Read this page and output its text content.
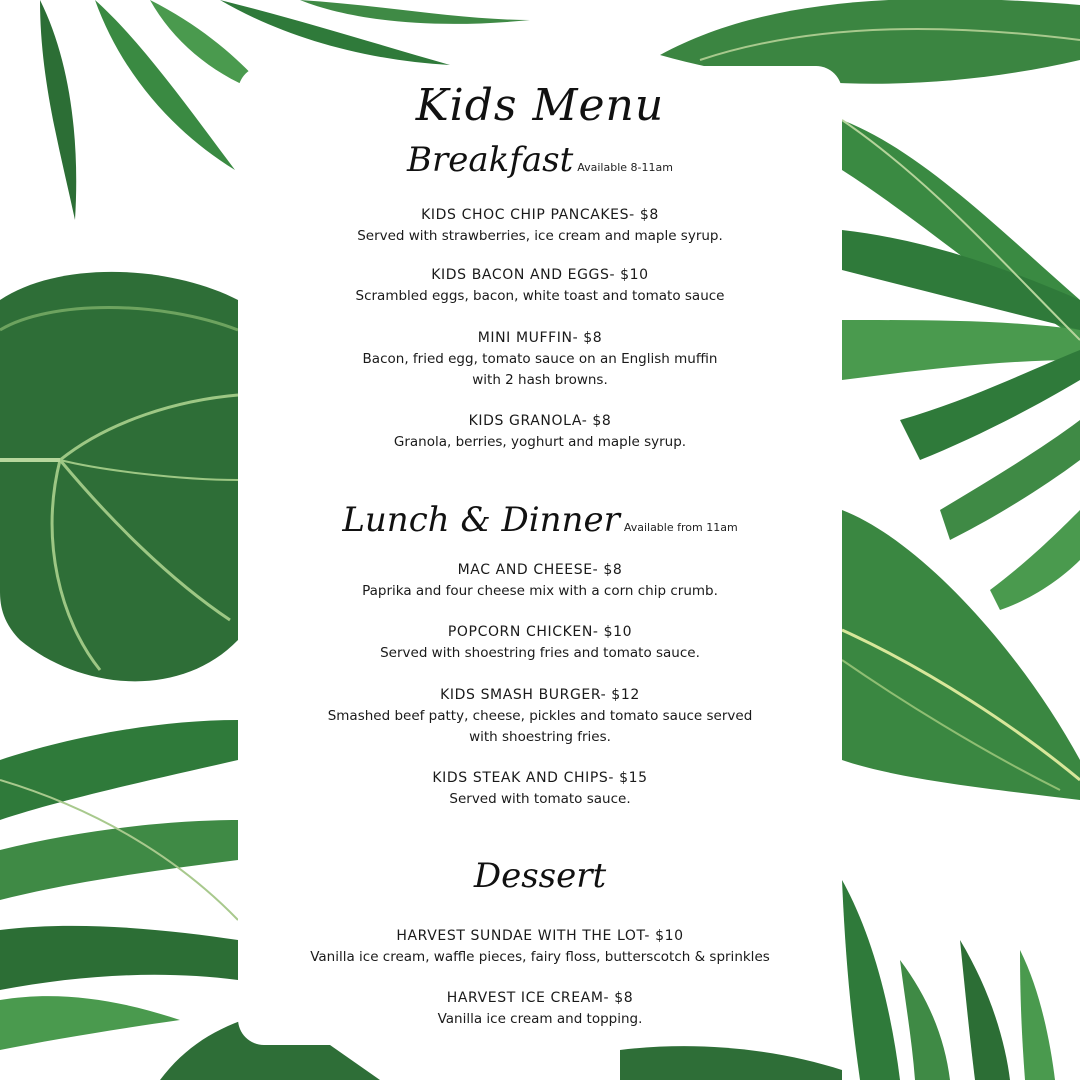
Kids Menu
Breakfast Available 8-11am
KIDS CHOC CHIP PANCAKES- $8
Served with strawberries, ice cream and maple syrup.
KIDS BACON AND EGGS- $10
Scrambled eggs, bacon, white toast and tomato sauce
MINI MUFFIN- $8
Bacon, fried egg, tomato sauce on an English muffin
with 2 hash browns.
KIDS GRANOLA- $8
Granola, berries, yoghurt and maple syrup.
Lunch & Dinner Available from 11am
MAC AND CHEESE- $8
Paprika and four cheese mix with a corn chip crumb.
POPCORN CHICKEN- $10
Served with shoestring fries and tomato sauce.
KIDS SMASH BURGER- $12
Smashed beef patty, cheese, pickles and tomato sauce served
with shoestring fries.
KIDS STEAK AND CHIPS- $15
Served with tomato sauce.
Dessert
HARVEST SUNDAE WITH THE LOT- $10
Vanilla ice cream, waffle pieces, fairy floss, butterscotch & sprinkles
HARVEST ICE CREAM- $8
Vanilla ice cream and topping.
